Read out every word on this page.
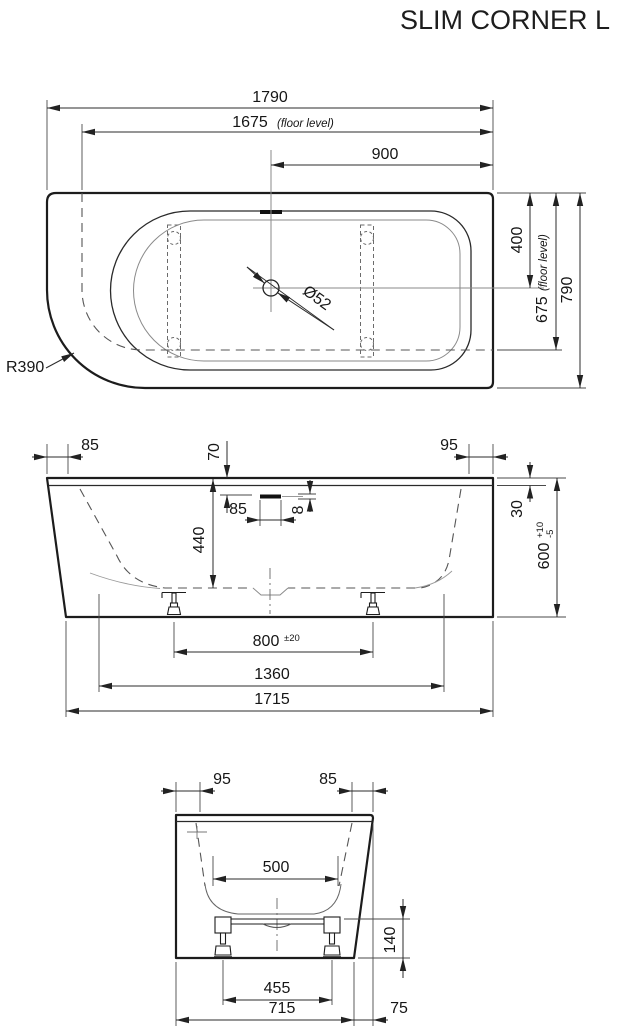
SLIM CORNER L
Ø52
R390
1790
1675 (floor level)
900
400
675
(floor level) 790
85	70	95
8
85
440
30
600
+10 -5
800 ±20
1360
1715
95	85
500
140
455
715	75
